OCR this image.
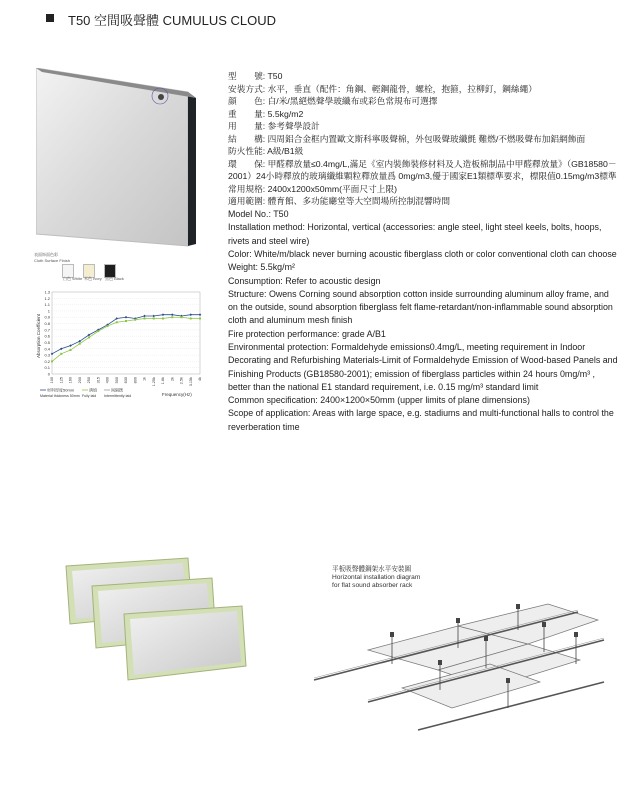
T50 空間吸聲體 CUMULUS CLOUD
表面饰面色彩
Cloth Surface Finish
白色 White 米色 Ivory 黑色 Black
0
0.1
0.2
0.3
0.4
0.5
0.6
0.7
0.8
0.9
1
1.1
1.2
1.3
100 125 160 200 250 315 400 500 630 800 1k 1.25k 1.6k 2k 2.5k 3.15k 4k
Absorption Coefficient
Frequency(Hz)
材料厚度50mm	满填	间隔摆
Material thickness 50mm Fully laid Intermittently laid
型　　號: T50
安裝方式: 水平，垂直（配件：角鋼、輕鋼龍骨，螺栓，抱箍，拉柳釘，鋼絲繩）
顔　　色: 白/米/黑絕燃聲學玻纖布或彩色常規布可選擇
重　　量: 5.5kg/m2
用　　量: 参考聲學設計
結　　構: 四周鋁合金框内置歐文斯科寧吸聲棉，外包吸聲玻纖氈 難燃/不燃吸聲布加鋁網飾面
防火性能: A級/B1級
環　　保: 甲醛釋放量≤0.4mg/L,滿足《室内裝飾裝修材料及人造板棉制品中甲醛釋放量》（GB18580－2001）24小時釋放的玻璃纖維顆粒釋放量爲 0mg/m3,優于國家E1類標準要求，標限值0.15mg/m3標準
常用規格: 2400x1200x50mm(平面尺寸上限)
適用範圍: 體育館、多功能廳堂等大空間場所控制混響時間
Model No.: T50
Installation method: Horizontal, vertical (accessories: angle steel, light steel keels, bolts, hoops, rivets and steel wire)
Color: White/m/black never burning acoustic fiberglass cloth or color conventional cloth can choose
Weight: 5.5kg/m²
Consumption: Refer to acoustic design
Structure: Owens Corning sound absorption cotton inside surrounding aluminum alloy frame, and on the outside, sound absorption fiberglass felt flame-retardant/non-inflammable sound absorption cloth and aluminum mesh finish
Fire protection performance: grade A/B1
Environmental protection: Formaldehyde emissions0.4mg/L, meeting requirement in Indoor Decorating and Refurbishing Materials-Limit of Formaldehyde Emission of Wood-based Panels and Finishing Products (GB18580-2001); emission of fiberglass particles within 24 hours 0mg/m³ , better than the national E1 standard requirement, i.e. 0.15 mg/m³ standard limit
Common specification: 2400×1200×50mm (upper limits of plane dimensions)
Scope of application: Areas with large space, e.g. stadiums and multi-functional halls to control the reverberation time
平板吸聲體鋼架水平安裝圖
Horizontal installation diagram
for flat sound absorber rack
